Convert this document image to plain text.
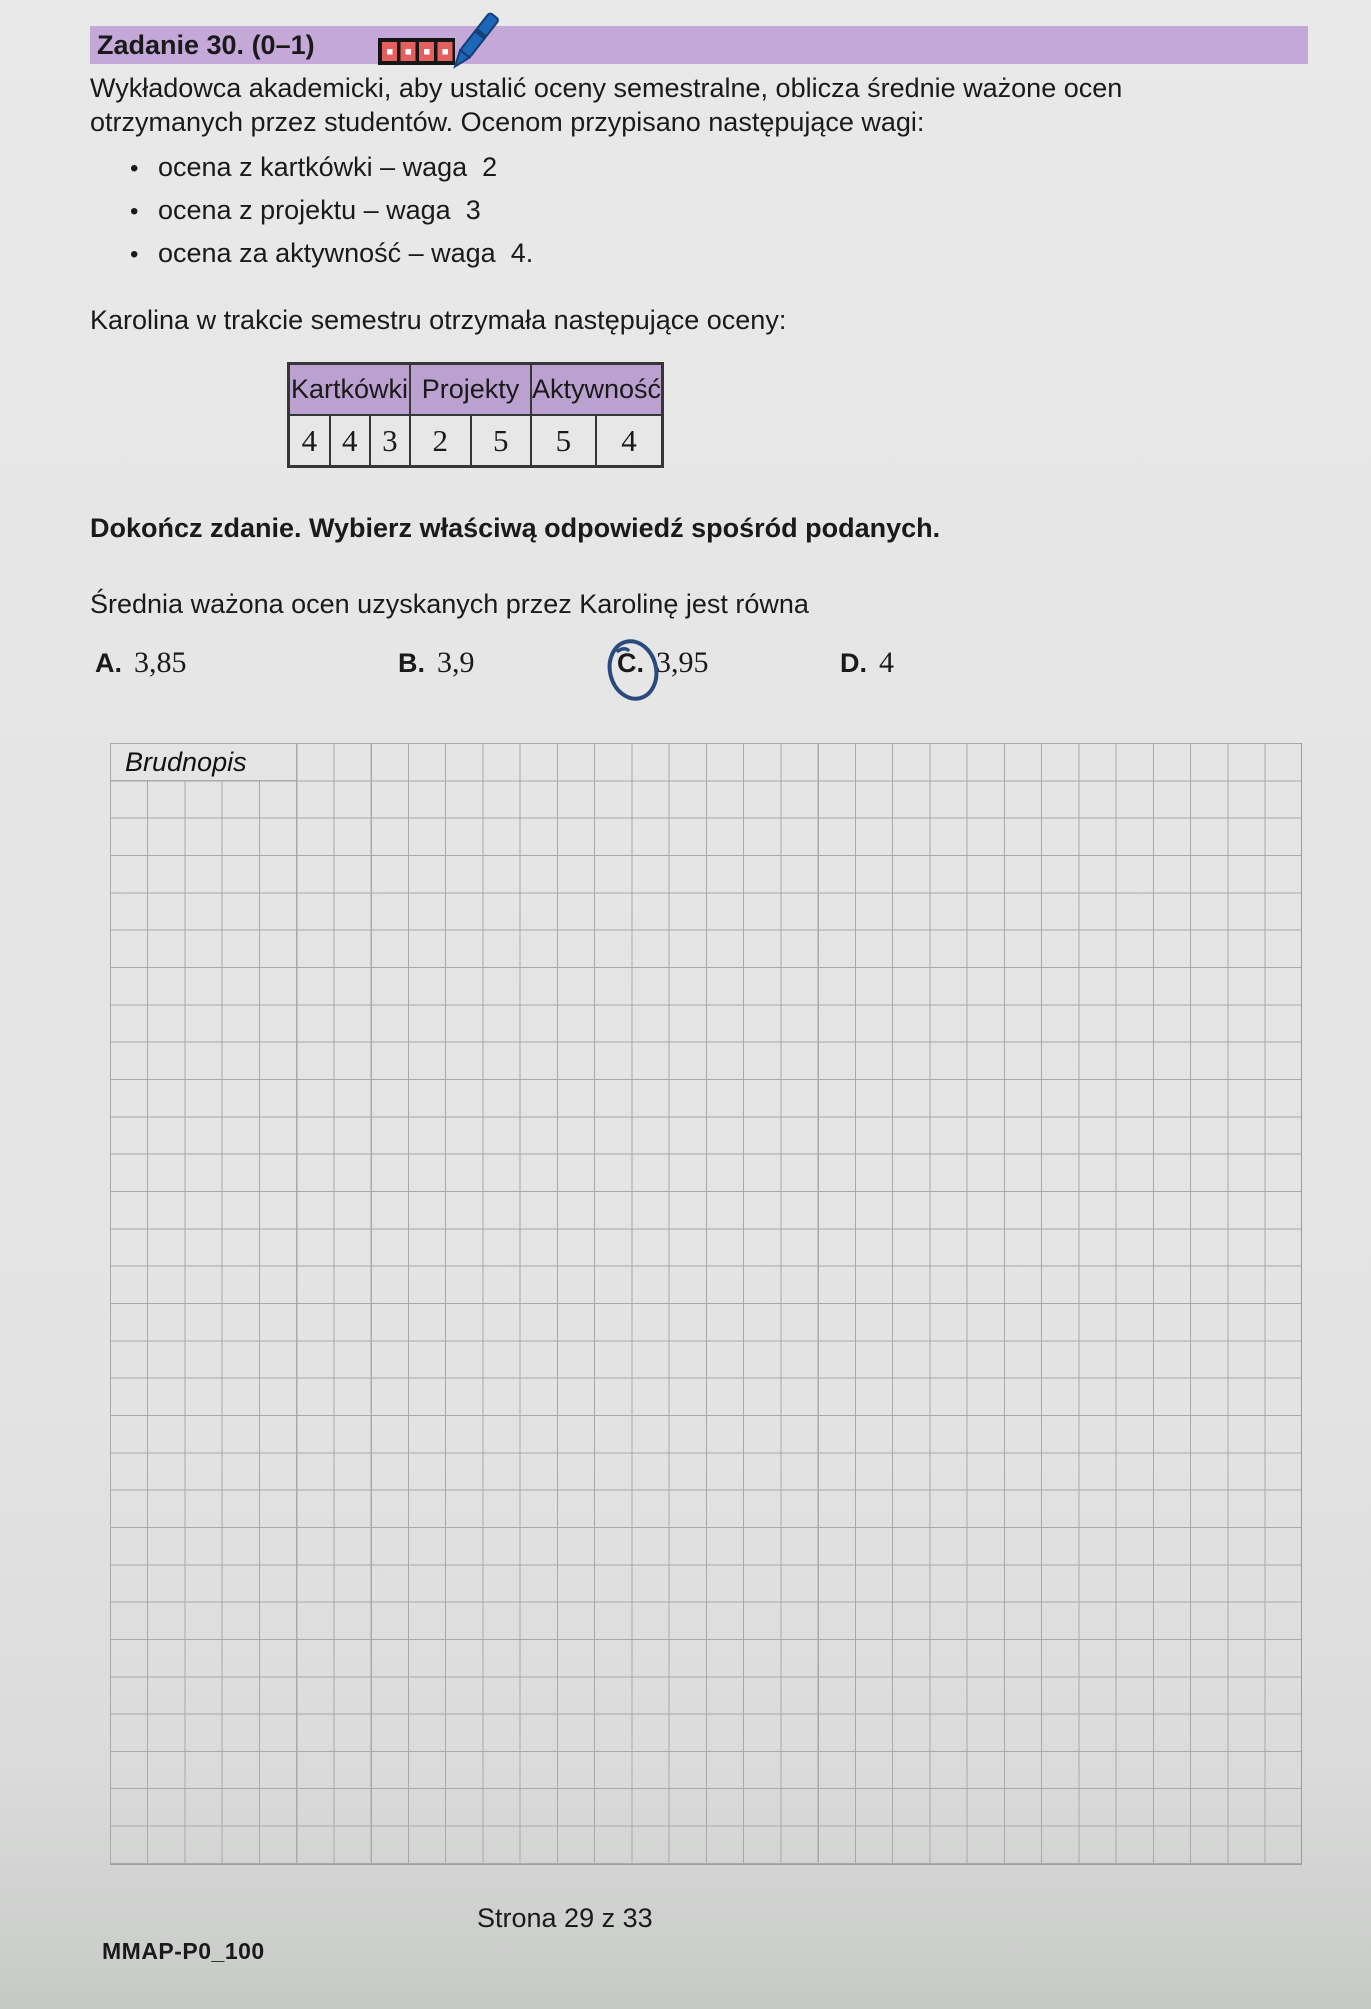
Zadanie 30. (0–1)
Wykładowca akademicki, aby ustalić oceny semestralne, oblicza średnie ważone ocen
otrzymanych przez studentów. Ocenom przypisano następujące wagi:
• ocena z kartkówki – waga  2
• ocena z projektu – waga  3
• ocena za aktywność – waga  4.
Karolina w trakcie semestru otrzymała następujące oceny:
Kartkówki			Projekty		Aktywność	
4	4	3	2	5	5	4
Dokończ zdanie. Wybierz właściwą odpowiedź spośród podanych.
Średnia ważona ocen uzyskanych przez Karolinę jest równa
A. 3,85	B. 3,9	C. 3,95	D. 4
Brudnopis
Strona 29 z 33
MMAP-P0_100
